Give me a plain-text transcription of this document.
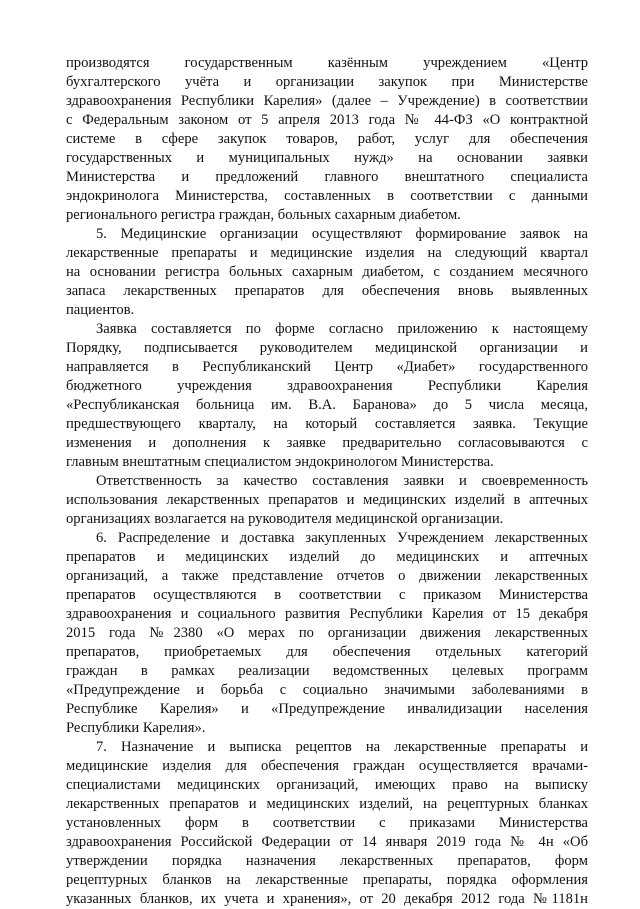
производятся государственным казённым учреждением «Центр
бухгалтерского учёта и организации закупок при Министерстве
здравоохранения Республики Карелия» (далее – Учреждение) в соответствии
с Федеральным законом от 5 апреля 2013 года № 44-ФЗ «О контрактной
системе в сфере закупок товаров, работ, услуг для обеспечения
государственных и муниципальных нужд» на основании заявки
Министерства и предложений главного внештатного специалиста
эндокринолога Министерства, составленных в соответствии с данными
регионального регистра граждан, больных сахарным диабетом.
5. Медицинские организации осуществляют формирование заявок на
лекарственные препараты и медицинские изделия на следующий квартал
на основании регистра больных сахарным диабетом, с созданием месячного
запаса лекарственных препаратов для обеспечения вновь выявленных
пациентов.
Заявка составляется по форме согласно приложению к настоящему
Порядку, подписывается руководителем медицинской организации и
направляется в Республиканский Центр «Диабет» государственного
бюджетного учреждения здравоохранения Республики Карелия
«Республиканская больница им. В.А. Баранова» до 5 числа месяца,
предшествующего кварталу, на который составляется заявка. Текущие
изменения и дополнения к заявке предварительно согласовываются с
главным внештатным специалистом эндокринологом Министерства.
Ответственность за качество составления заявки и своевременность
использования лекарственных препаратов и медицинских изделий в аптечных
организациях возлагается на руководителя медицинской организации.
6. Распределение и доставка закупленных Учреждением лекарственных
препаратов и медицинских изделий до медицинских и аптечных
организаций, а также представление отчетов о движении лекарственных
препаратов осуществляются в соответствии с приказом Министерства
здравоохранения и социального развития Республики Карелия от 15 декабря
2015 года №2380 «О мерах по организации движения лекарственных
препаратов, приобретаемых для обеспечения отдельных категорий
граждан в рамках реализации ведомственных целевых программ
«Предупреждение и борьба с социально значимыми заболеваниями в
Республике Карелия» и «Предупреждение инвалидизации населения
Республики Карелия».
7. Назначение и выписка рецептов на лекарственные препараты и
медицинские изделия для обеспечения граждан осуществляется врачами-
специалистами медицинских организаций, имеющих право на выписку
лекарственных препаратов и медицинских изделий, на рецептурных бланках
установленных форм в соответствии с приказами Министерства
здравоохранения Российской Федерации от 14 января 2019 года № 4н «Об
утверждении порядка назначения лекарственных препаратов, форм
рецептурных бланков на лекарственные препараты, порядка оформления
указанных бланков, их учета и хранения», от 20 декабря 2012 года №1181н
